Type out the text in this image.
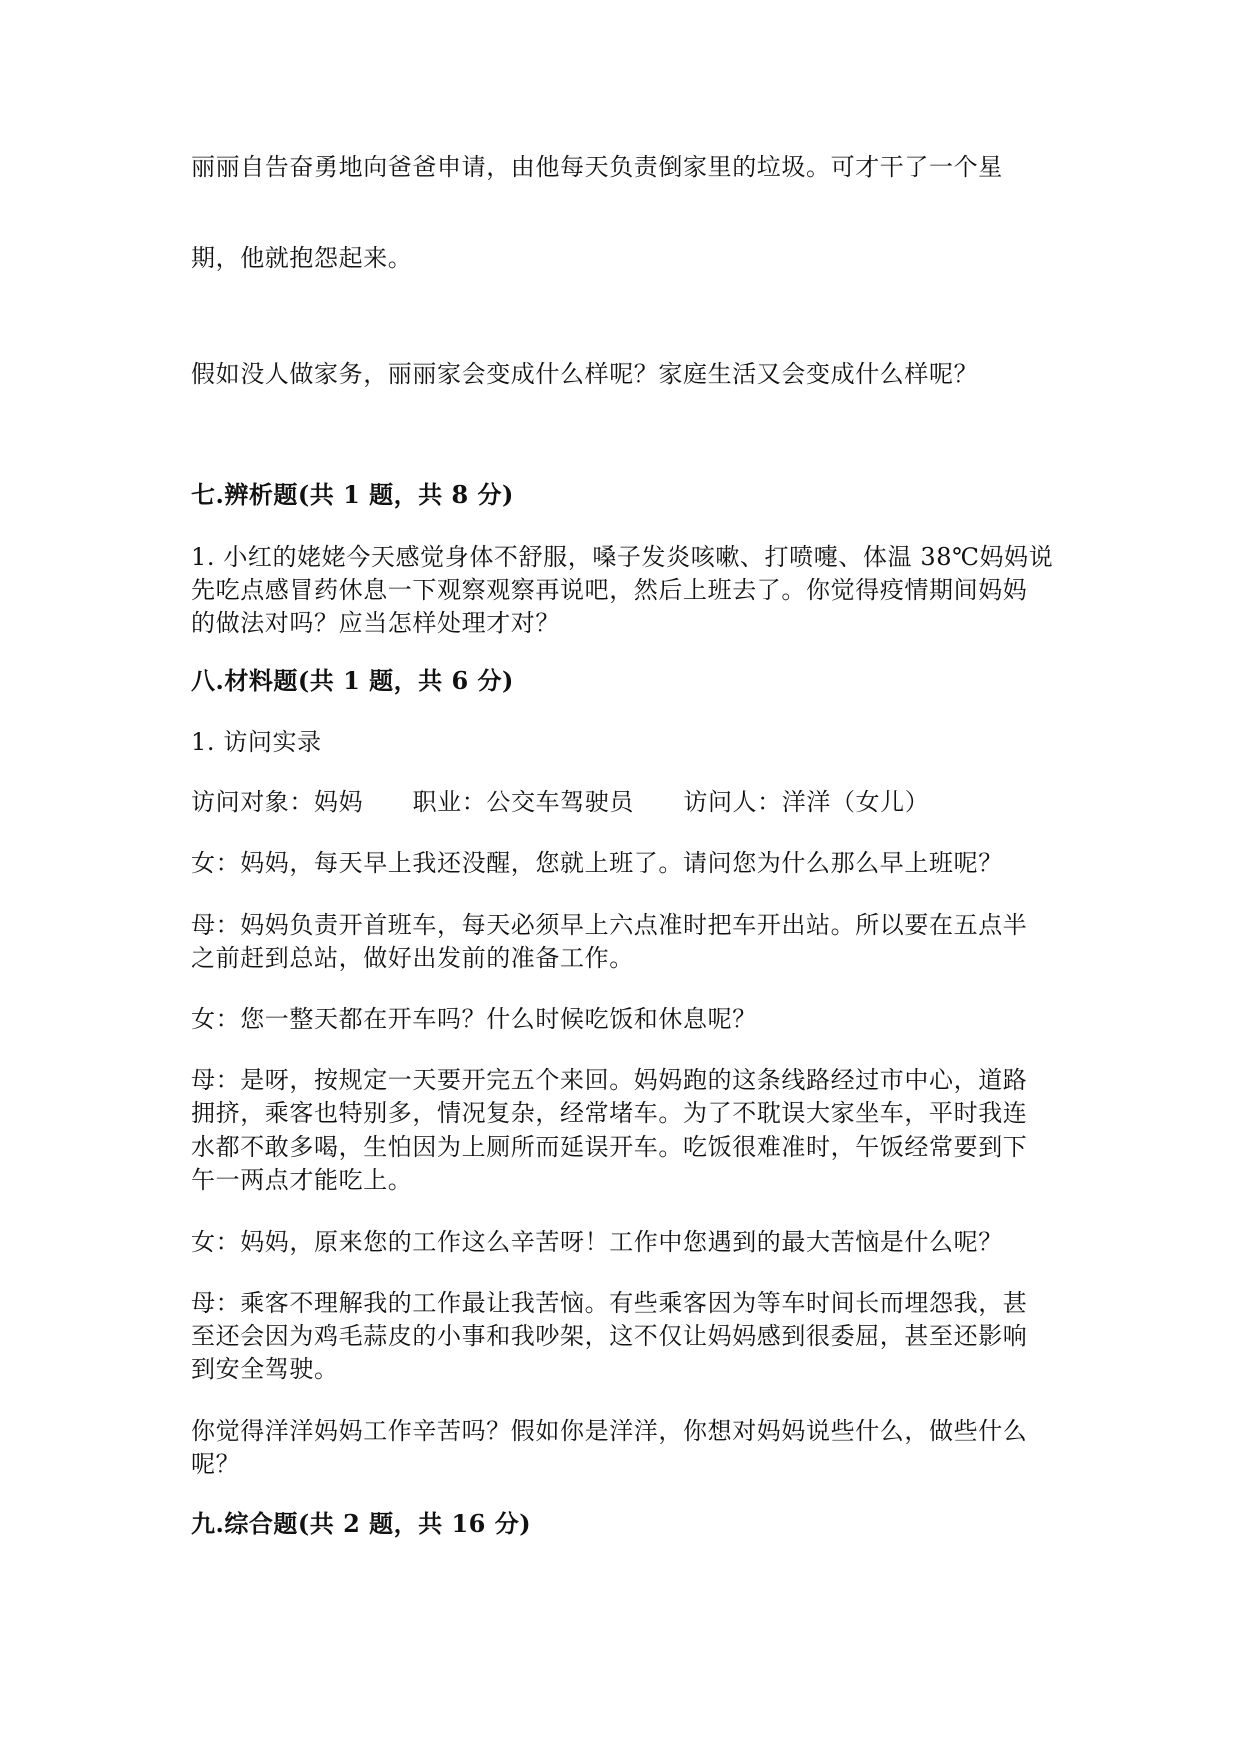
丽丽自告奋勇地向爸爸申请，由他每天负责倒家里的垃圾。可才干了一个星
期，他就抱怨起来。
假如没人做家务，丽丽家会变成什么样呢？家庭生活又会变成什么样呢？
七.辨析题(共 1 题，共 8 分)
1. 小红的姥姥今天感觉身体不舒服，嗓子发炎咳嗽、打喷嚏、体温 38℃妈妈说
先吃点感冒药休息一下观察观察再说吧，然后上班去了。你觉得疫情期间妈妈
的做法对吗？应当怎样处理才对？
八.材料题(共 1 题，共 6 分)
1. 访问实录
访问对象：妈妈      职业：公交车驾驶员      访问人：洋洋（女儿）
女：妈妈，每天早上我还没醒，您就上班了。请问您为什么那么早上班呢？
母：妈妈负责开首班车，每天必须早上六点准时把车开出站。所以要在五点半
之前赶到总站，做好出发前的准备工作。
女：您一整天都在开车吗？什么时候吃饭和休息呢？
母：是呀，按规定一天要开完五个来回。妈妈跑的这条线路经过市中心，道路
拥挤，乘客也特别多，情况复杂，经常堵车。为了不耽误大家坐车，平时我连
水都不敢多喝，生怕因为上厕所而延误开车。吃饭很难准时，午饭经常要到下
午一两点才能吃上。
女：妈妈，原来您的工作这么辛苦呀！工作中您遇到的最大苦恼是什么呢？
母：乘客不理解我的工作最让我苦恼。有些乘客因为等车时间长而埋怨我，甚
至还会因为鸡毛蒜皮的小事和我吵架，这不仅让妈妈感到很委屈，甚至还影响
到安全驾驶。
你觉得洋洋妈妈工作辛苦吗？假如你是洋洋，你想对妈妈说些什么，做些什么
呢？
九.综合题(共 2 题，共 16 分)
